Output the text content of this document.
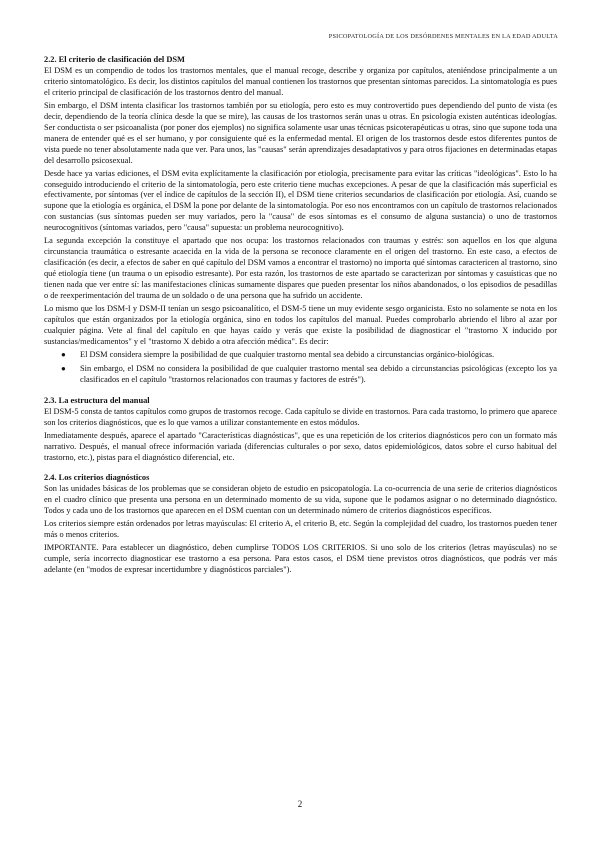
PSICOPATOLOGÍA DE LOS DESÓRDENES MENTALES EN LA EDAD ADULTA
2.2. El criterio de clasificación del DSM

El DSM es un compendio de todos los trastornos mentales, que el manual recoge, describe y organiza por capítulos, ateniéndose principalmente a un criterio sintomatológico. Es decir, los distintos capítulos del manual contienen los trastornos que presentan síntomas parecidos. La sintomatología es pues el criterio principal de clasificación de los trastornos dentro del manual.

Sin embargo, el DSM intenta clasificar los trastornos también por su etiología, pero esto es muy controvertido pues dependiendo del punto de vista (es decir, dependiendo de la teoría clínica desde la que se mire), las causas de los trastornos serán unas u otras. En psicología existen auténticas ideologías. Ser conductista o ser psicoanalista (por poner dos ejemplos) no significa solamente usar unas técnicas psicoterapéuticas u otras, sino que supone toda una manera de entender qué es el ser humano, y por consiguiente qué es la enfermedad mental. El origen de los trastornos desde estos diferentes puntos de vista puede no tener absolutamente nada que ver. Para unos, las "causas" serán aprendizajes desadaptativos y para otros fijaciones en determinadas etapas del desarrollo psicosexual.

Desde hace ya varias ediciones, el DSM evita explícitamente la clasificación por etiología, precisamente para evitar las críticas "ideológicas". Esto lo ha conseguido introduciendo el criterio de la sintomatología, pero este criterio tiene muchas excepciones. A pesar de que la clasificación más superficial es efectivamente, por síntomas (ver el índice de capítulos de la sección II), el DSM tiene criterios secundarios de clasificación por etiología. Así, cuando se supone que la etiología es orgánica, el DSM la pone por delante de la sintomatología. Por eso nos encontramos con un capítulo de trastornos relacionados con sustancias (sus síntomas pueden ser muy variados, pero la "causa" de esos síntomas es el consumo de alguna sustancia) o uno de trastornos neurocognitivos (síntomas variados, pero "causa" supuesta: un problema neurocognitivo).

La segunda excepción la constituye el apartado que nos ocupa: los trastornos relacionados con traumas y estrés: son aquellos en los que alguna circunstancia traumática o estresante acaecida en la vida de la persona se reconoce claramente en el origen del trastorno. En este caso, a efectos de clasificación (es decir, a efectos de saber en qué capítulo del DSM vamos a encontrar el trastorno) no importa qué síntomas caractericen al trastorno, sino qué etiología tiene (un trauma o un episodio estresante). Por esta razón, los trastornos de este apartado se caracterizan por síntomas y casuísticas que no tienen nada que ver entre sí: las manifestaciones clínicas sumamente dispares que pueden presentar los niños abandonados, o los episodios de pesadillas o de reexperimentación del trauma de un soldado o de una persona que ha sufrido un accidente.

Lo mismo que los DSM-I y DSM-II tenían un sesgo psicoanalítico, el DSM-5 tiene un muy evidente sesgo organicista. Esto no solamente se nota en los capítulos que están organizados por la etiología orgánica, sino en todos los capítulos del manual. Puedes comprobarlo abriendo el libro al azar por cualquier página. Vete al final del capítulo en que hayas caído y verás que existe la posibilidad de diagnosticar el "trastorno X inducido por sustancias/medicamentos" y el "trastorno X debido a otra afección médica". Es decir:

● El DSM considera siempre la posibilidad de que cualquier trastorno mental sea debido a circunstancias orgánico-biológicas.
● Sin embargo, el DSM no considera la posibilidad de que cualquier trastorno mental sea debido a circunstancias psicológicas (excepto los ya clasificados en el capítulo "trastornos relacionados con traumas y factores de estrés").
2.3. La estructura del manual

El DSM-5 consta de tantos capítulos como grupos de trastornos recoge. Cada capítulo se divide en trastornos. Para cada trastorno, lo primero que aparece son los criterios diagnósticos, que es lo que vamos a utilizar constantemente en estos módulos.

Inmediatamente después, aparece el apartado "Características diagnósticas", que es una repetición de los criterios diagnósticos pero con un formato más narrativo. Después, el manual ofrece información variada (diferencias culturales o por sexo, datos epidemiológicos, datos sobre el curso habitual del trastorno, etc.), pistas para el diagnóstico diferencial, etc.

2.4. Los criterios diagnósticos

Son las unidades básicas de los problemas que se consideran objeto de estudio en psicopatología. La co-ocurrencia de una serie de criterios diagnósticos en el cuadro clínico que presenta una persona en un determinado momento de su vida, supone que le podamos asignar o no determinado diagnóstico. Todos y cada uno de los trastornos que aparecen en el DSM cuentan con un determinado número de criterios diagnósticos específicos.

Los criterios siempre están ordenados por letras mayúsculas: El criterio A, el criterio B, etc. Según la complejidad del cuadro, los trastornos pueden tener más o menos criterios.

IMPORTANTE. Para establecer un diagnóstico, deben cumplirse TODOS LOS CRITERIOS. Si uno solo de los criterios (letras mayúsculas) no se cumple, sería incorrecto diagnosticar ese trastorno a esa persona. Para estos casos, el DSM tiene previstos otros diagnósticos, que podrás ver más adelante (en "modos de expresar incertidumbre y diagnósticos parciales").

2
